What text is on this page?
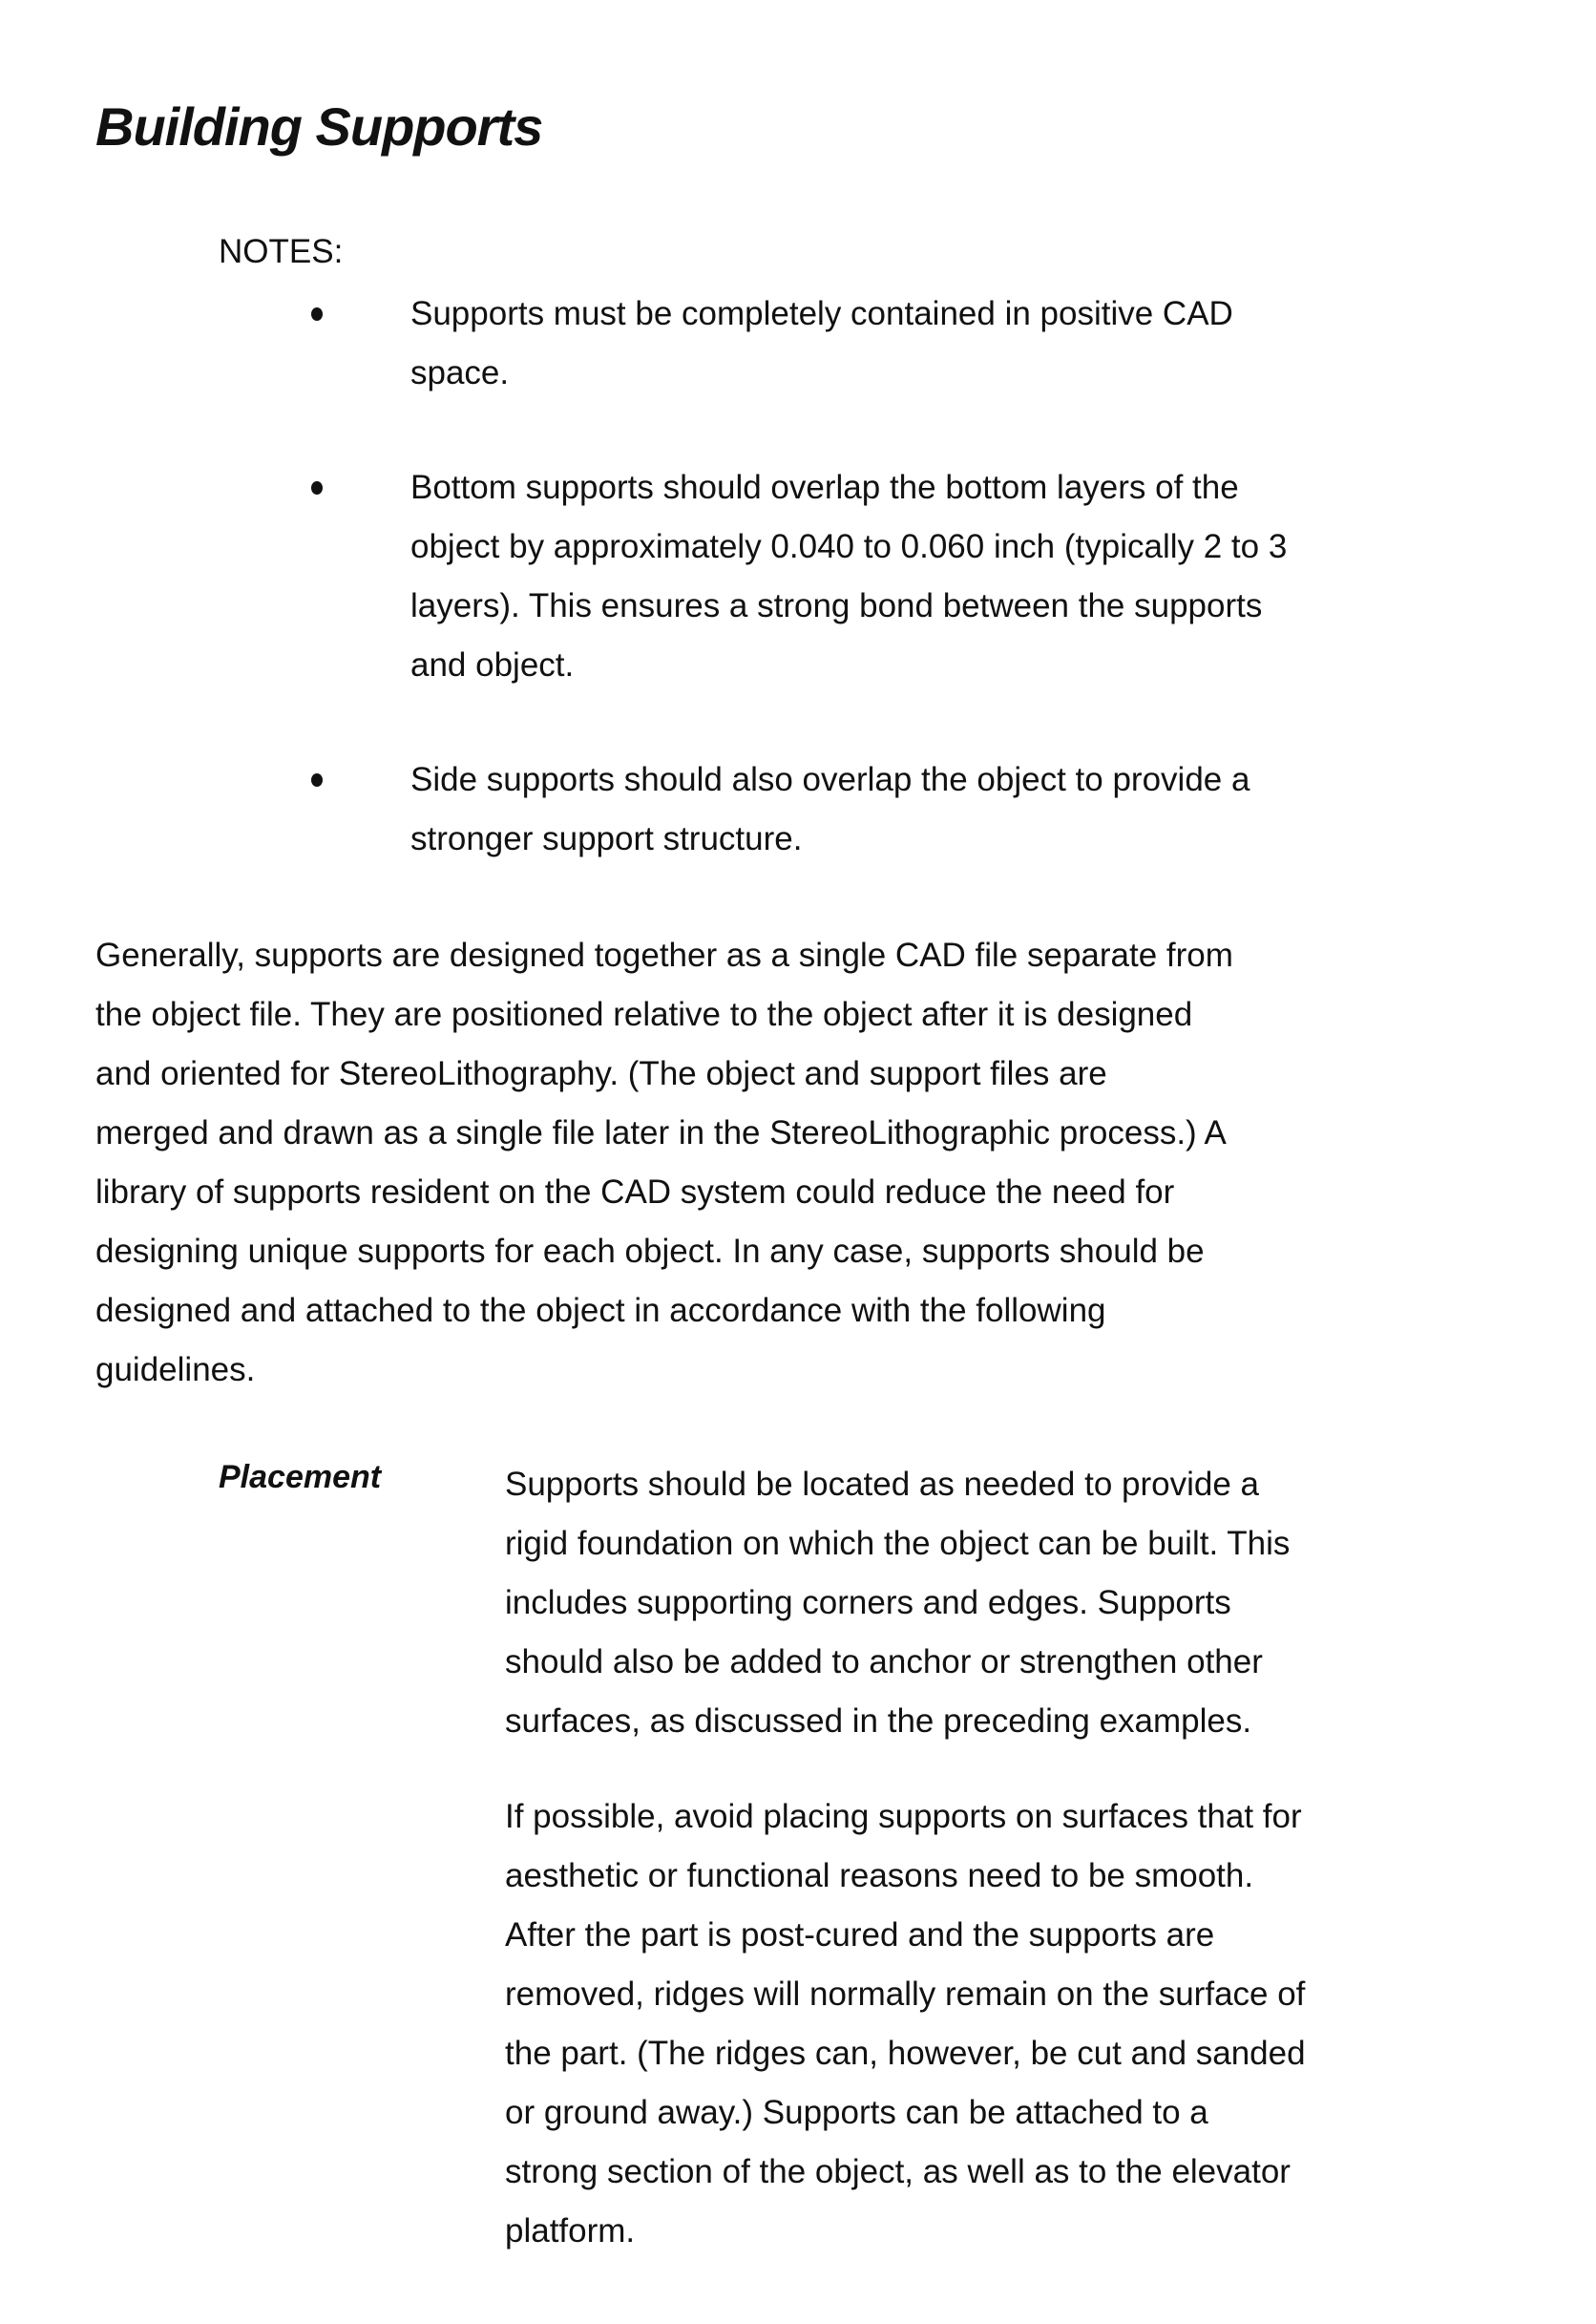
Building Supports
NOTES:
Supports must be completely contained in positive CAD
space.
Bottom supports should overlap the bottom layers of the
object by approximately 0.040 to 0.060 inch (typically 2 to 3
layers). This ensures a strong bond between the supports
and object.
Side supports should also overlap the object to provide a
stronger support structure.
Generally, supports are designed together as a single CAD file separate from
the object file. They are positioned relative to the object after it is designed
and oriented for StereoLithography. (The object and support files are
merged and drawn as a single file later in the StereoLithographic process.) A
library of supports resident on the CAD system could reduce the need for
designing unique supports for each object. In any case, supports should be
designed and attached to the object in accordance with the following
guidelines.
Placement	Supports should be located as needed to provide a
rigid foundation on which the object can be built. This
includes supporting corners and edges. Supports
should also be added to anchor or strengthen other
surfaces, as discussed in the preceding examples.
If possible, avoid placing supports on surfaces that for
aesthetic or functional reasons need to be smooth.
After the part is post-cured and the supports are
removed, ridges will normally remain on the surface of
the part. (The ridges can, however, be cut and sanded
or ground away.) Supports can be attached to a
strong section of the object, as well as to the elevator
platform.
